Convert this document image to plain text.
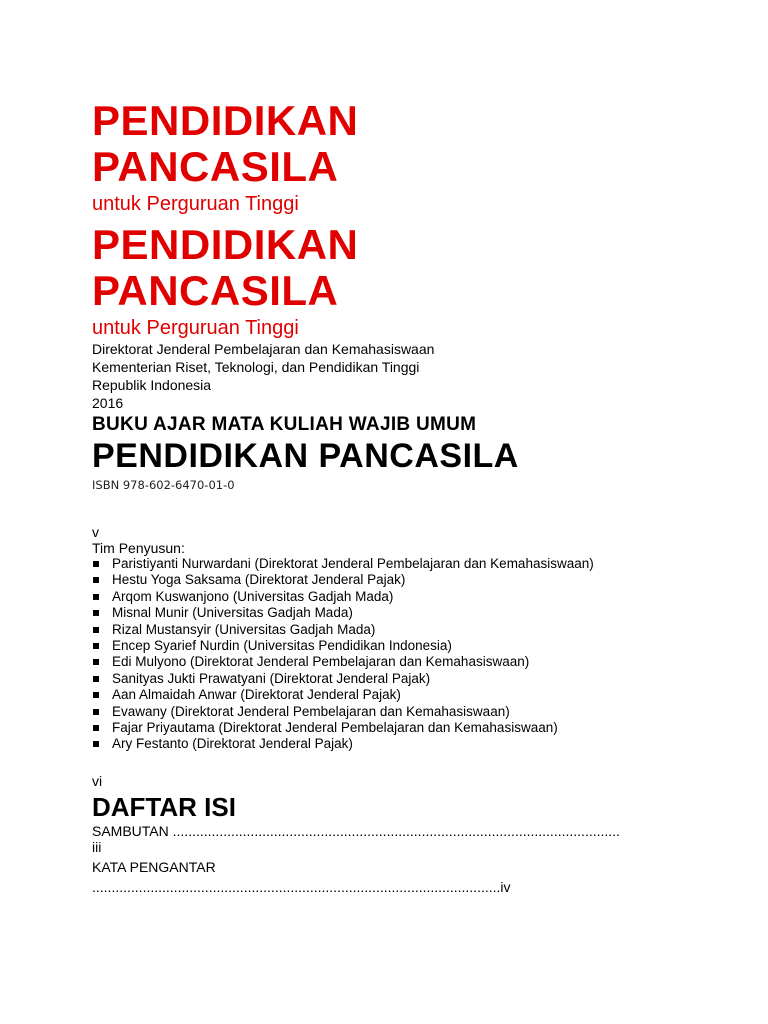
PENDIDIKAN

PANCASILA

untuk Perguruan Tinggi

PENDIDIKAN

PANCASILA

untuk Perguruan Tinggi

Direktorat Jenderal Pembelajaran dan Kemahasiswaan

Kementerian Riset, Teknologi, dan Pendidikan Tinggi

Republik Indonesia

2016

BUKU AJAR MATA KULIAH WAJIB UMUM

PENDIDIKAN PANCASILA

ISBN 978-602-6470-01-0

v

Tim Penyusun:

Paristiyanti Nurwardani (Direktorat Jenderal Pembelajaran dan Kemahasiswaan)
Hestu Yoga Saksama (Direktorat Jenderal Pajak)
Arqom Kuswanjono (Universitas Gadjah Mada)
Misnal Munir (Universitas Gadjah Mada)
Rizal Mustansyir (Universitas Gadjah Mada)
Encep Syarief Nurdin (Universitas Pendidikan Indonesia)
Edi Mulyono (Direktorat Jenderal Pembelajaran dan Kemahasiswaan)
Sanityas Jukti Prawatyani (Direktorat Jenderal Pajak)
Aan Almaidah Anwar (Direktorat Jenderal Pajak)
Evawany (Direktorat Jenderal Pembelajaran dan Kemahasiswaan)
Fajar Priyautama (Direktorat Jenderal Pembelajaran dan Kemahasiswaan)
Ary Festanto (Direktorat Jenderal Pajak)

vi

DAFTAR ISI

SAMBUTAN ...................................................................................................................

iii

KATA PENGANTAR

.........................................................................................................iv
